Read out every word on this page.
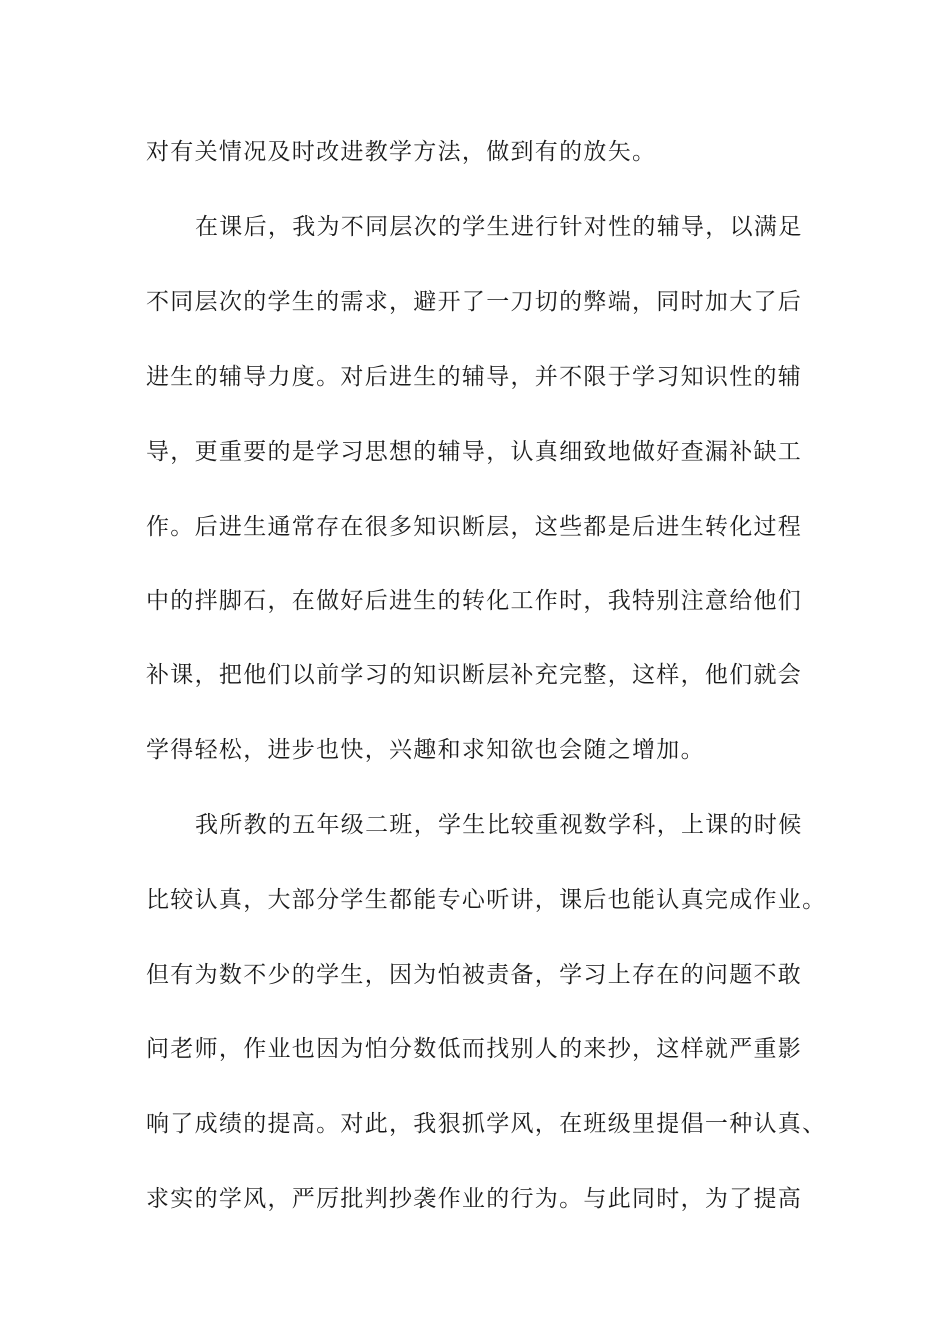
对有关情况及时改进教学方法，做到有的放矢。
在课后，我为不同层次的学生进行针对性的辅导，以满足
不同层次的学生的需求，避开了一刀切的弊端，同时加大了后
进生的辅导力度。对后进生的辅导，并不限于学习知识性的辅
导，更重要的是学习思想的辅导，认真细致地做好查漏补缺工
作。后进生通常存在很多知识断层，这些都是后进生转化过程
中的拌脚石，在做好后进生的转化工作时，我特别注意给他们
补课，把他们以前学习的知识断层补充完整，这样，他们就会
学得轻松，进步也快，兴趣和求知欲也会随之增加。
我所教的五年级二班，学生比较重视数学科，上课的时候
比较认真，大部分学生都能专心听讲，课后也能认真完成作业。
但有为数不少的学生，因为怕被责备，学习上存在的问题不敢
问老师，作业也因为怕分数低而找别人的来抄，这样就严重影
响了成绩的提高。对此，我狠抓学风，在班级里提倡一种认真、
求实的学风，严厉批判抄袭作业的行为。与此同时，为了提高
